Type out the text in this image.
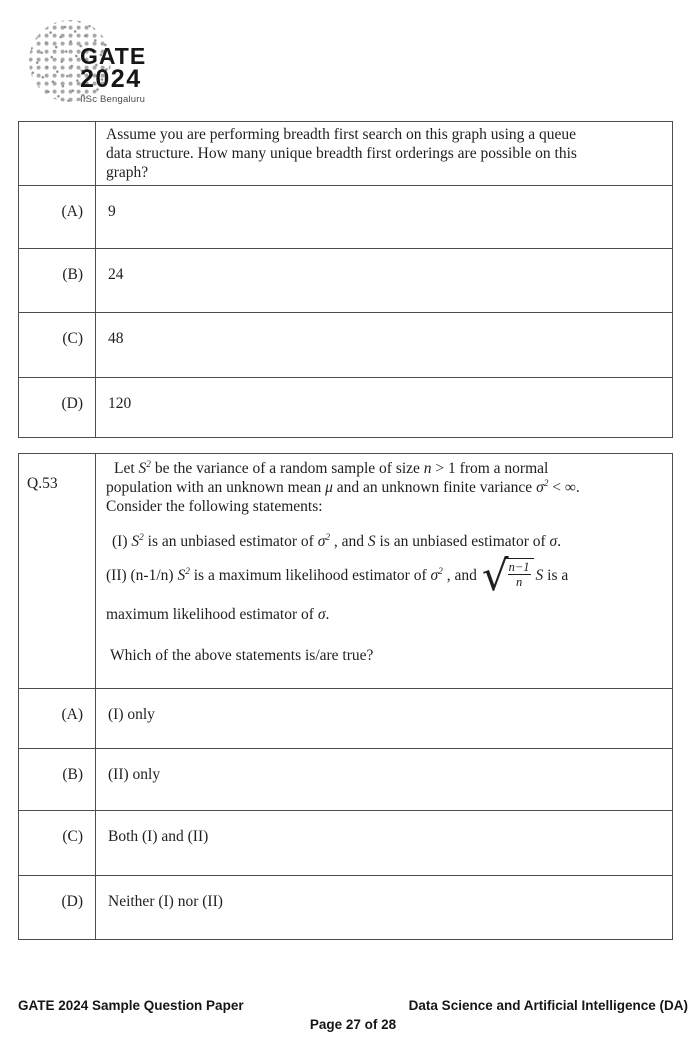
GATE
2024
IISc Bengaluru

	Assume you are performing breadth first search on this graph using a queue
data structure. How many unique breadth first orderings are possible on this
graph?

(A)	9
(B)	24
(C)	48
(D)	120
Q.53	
Let $S^2$ be the variance of a random sample of size n > 1 from a normal
population with an unknown mean μ and an unknown finite variance $\sigma^2$ < ∞.
Consider the following statements:
(I) $S^2$ is an unbiased estimator of $\sigma^2$ , and S is an unbiased estimator of σ.
(II) (n-1/n) $S^2$ is a maximum likelihood estimator of $\sigma^2$ , and √
$\frac{n-1}{n}$ S is a
maximum likelihood estimator of σ.
Which of the above statements is/are true?

(A)	(I) only
(B)	(II) only
(C)	Both (I) and (II)
(D)	Neither (I) nor (II)
GATE 2024 Sample Question Paper	Data Science and Artificial Intelligence (DA)
Page 27 of 28
